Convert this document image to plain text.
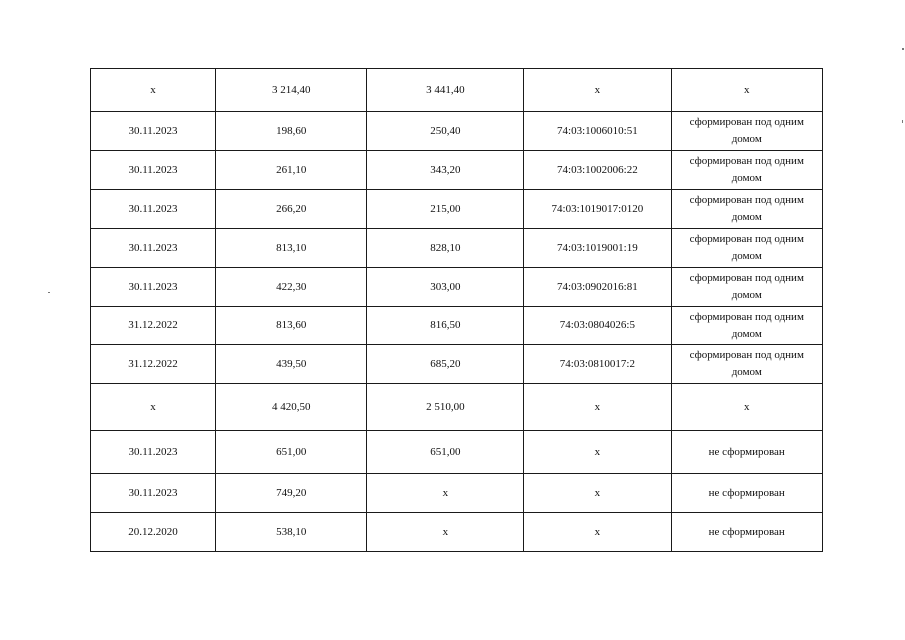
x	3 214,40	3 441,40	x	x
30.11.2023	198,60	250,40	74:03:1006010:51	сформирован под одним домом
30.11.2023	261,10	343,20	74:03:1002006:22	сформирован под одним домом
30.11.2023	266,20	215,00	74:03:1019017:0120	сформирован под одним домом
30.11.2023	813,10	828,10	74:03:1019001:19	сформирован под одним домом
30.11.2023	422,30	303,00	74:03:0902016:81	сформирован под одним домом
31.12.2022	813,60	816,50	74:03:0804026:5	сформирован под одним домом
31.12.2022	439,50	685,20	74:03:0810017:2	сформирован под одним домом
x	4 420,50	2 510,00	x	x
30.11.2023	651,00	651,00	x	не сформирован
30.11.2023	749,20	x	x	не сформирован
20.12.2020	538,10	x	x	не сформирован
